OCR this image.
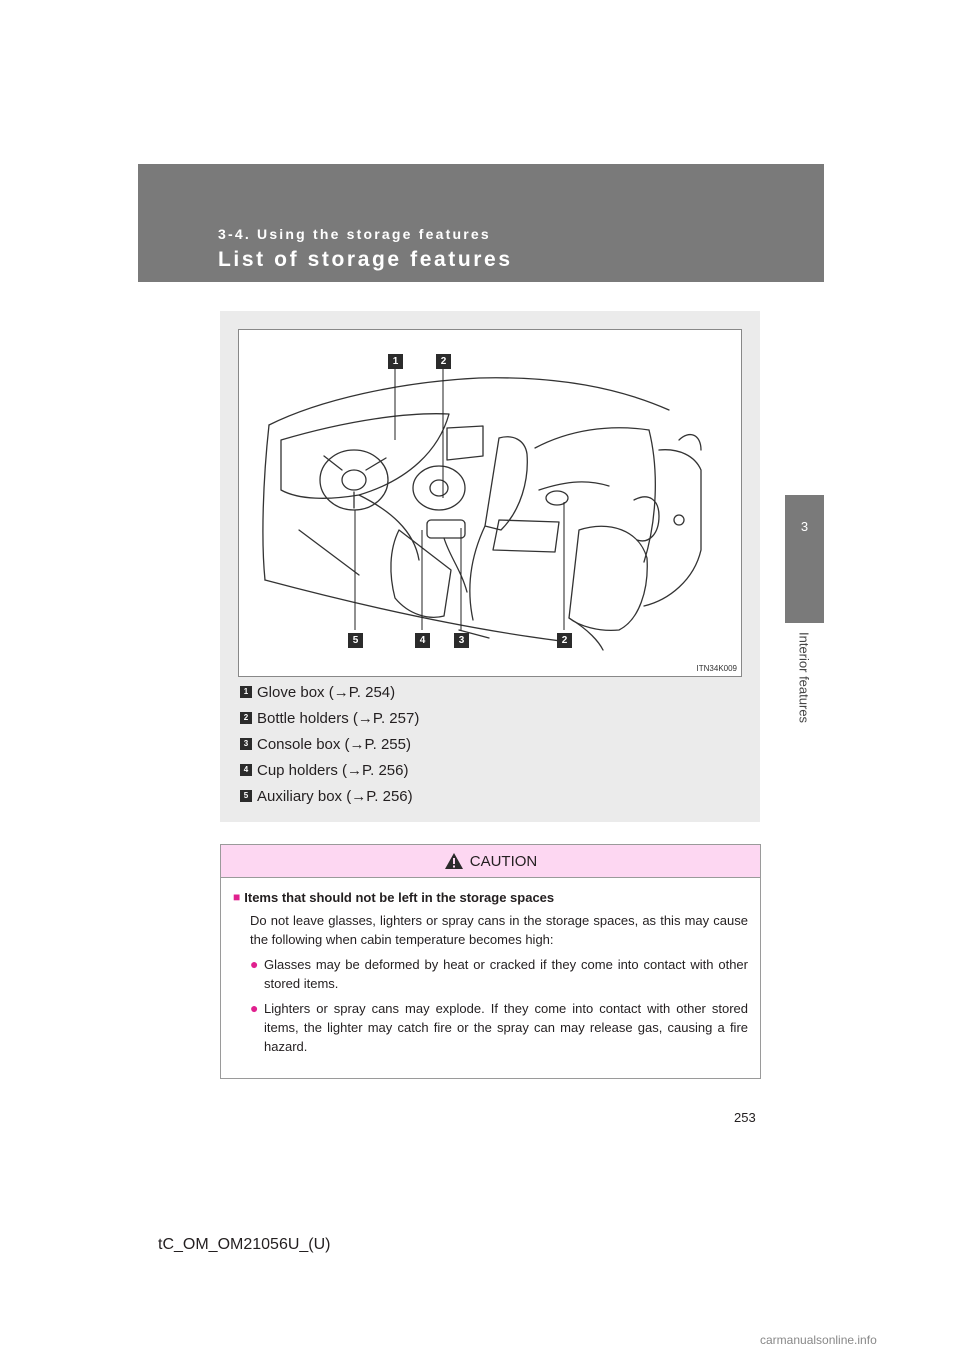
3-4. Using the storage features
List of storage features
3
Interior features
1	2
5	4	3	2
ITN34K009
1 Glove box (→P. 254)
2 Bottle holders (→P. 257)
3 Console box (→P. 255)
4 Cup holders (→P. 256)
5 Auxiliary box (→P. 256)
CAUTION
■ Items that should not be left in the storage spaces
Do not leave glasses, lighters or spray cans in the storage spaces, as this may cause the following when cabin temperature becomes high:
● Glasses may be deformed by heat or cracked if they come into contact with other stored items.
● Lighters or spray cans may explode. If they come into contact with other stored items, the lighter may catch fire or the spray can may release gas, causing a fire hazard.
253
tC_OM_OM21056U_(U)
carmanualsonline.info
